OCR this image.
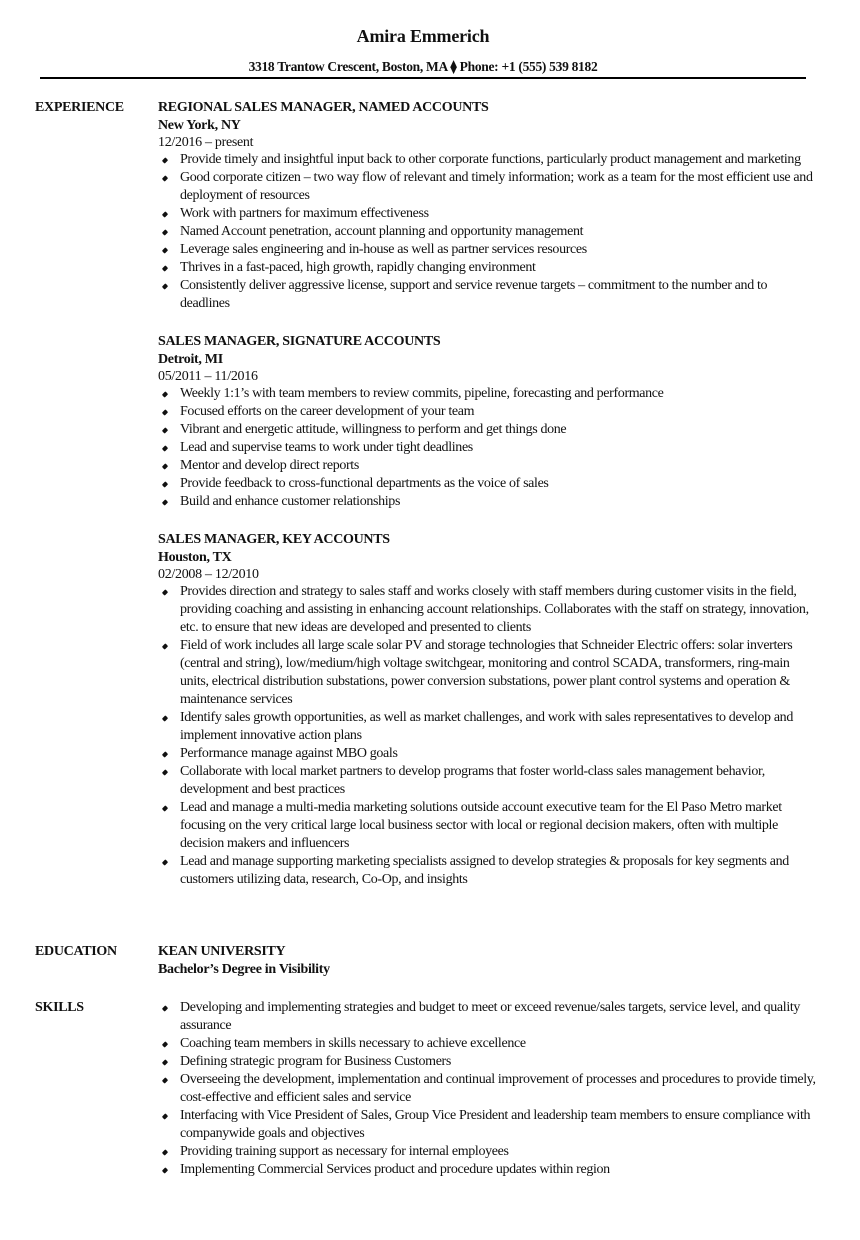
Amira Emmerich
3318 Trantow Crescent, Boston, MA ⧫ Phone: +1 (555) 539 8182
EXPERIENCE REGIONAL SALES MANAGER, NAMED ACCOUNTS
New York, NY
12/2016 – present
Provide timely and insightful input back to other corporate functions, particularly product management and marketing
Good corporate citizen – two way flow of relevant and timely information; work as a team for the most efficient use and deployment of resources
Work with partners for maximum effectiveness
Named Account penetration, account planning and opportunity management
Leverage sales engineering and in-house as well as partner services resources
Thrives in a fast-paced, high growth, rapidly changing environment
Consistently deliver aggressive license, support and service revenue targets – commitment to the number and to deadlines
SALES MANAGER, SIGNATURE ACCOUNTS
Detroit, MI
05/2011 – 11/2016
Weekly 1:1’s with team members to review commits, pipeline, forecasting and performance
Focused efforts on the career development of your team
Vibrant and energetic attitude, willingness to perform and get things done
Lead and supervise teams to work under tight deadlines
Mentor and develop direct reports
Provide feedback to cross-functional departments as the voice of sales
Build and enhance customer relationships
SALES MANAGER, KEY ACCOUNTS
Houston, TX
02/2008 – 12/2010
Provides direction and strategy to sales staff and works closely with staff members during customer visits in the field, providing coaching and assisting in enhancing account relationships. Collaborates with the staff on strategy, innovation, etc. to ensure that new ideas are developed and presented to clients
Field of work includes all large scale solar PV and storage technologies that Schneider Electric offers: solar inverters (central and string), low/medium/high voltage switchgear, monitoring and control SCADA, transformers, ring-main units, electrical distribution substations, power conversion substations, power plant control systems and operation & maintenance services
Identify sales growth opportunities, as well as market challenges, and work with sales representatives to develop and implement innovative action plans
Performance manage against MBO goals
Collaborate with local market partners to develop programs that foster world-class sales management behavior, development and best practices
Lead and manage a multi-media marketing solutions outside account executive team for the El Paso Metro market focusing on the very critical large local business sector with local or regional decision makers, often with multiple decision makers and influencers
Lead and manage supporting marketing specialists assigned to develop strategies & proposals for key segments and customers utilizing data, research, Co-Op, and insights
EDUCATION	KEAN UNIVERSITY
Bachelor’s Degree in Visibility
SKILLS	Developing and implementing strategies and budget to meet or exceed revenue/sales targets, service level, and quality assurance
Coaching team members in skills necessary to achieve excellence
Defining strategic program for Business Customers
Overseeing the development, implementation and continual improvement of processes and procedures to provide timely, cost-effective and efficient sales and service
Interfacing with Vice President of Sales, Group Vice President and leadership team members to ensure compliance with companywide goals and objectives
Providing training support as necessary for internal employees
Implementing Commercial Services product and procedure updates within region
